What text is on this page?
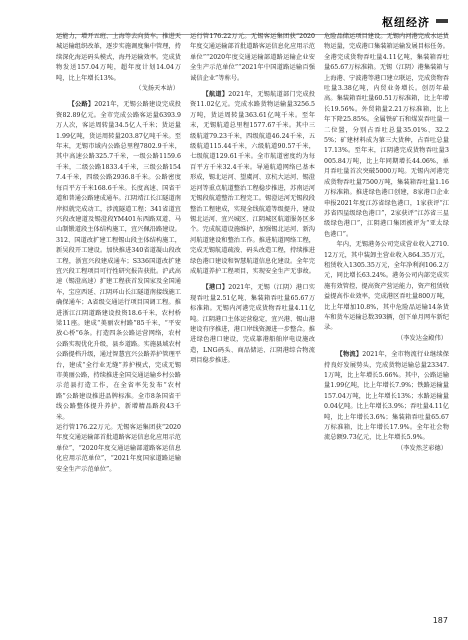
枢纽经济

运能力，增开五班、上海等去向货车。推进天城运输组织改革，逐步实施调度集中管理，持续深化海运码头模式，海丹运输效率。完成货物发送157.04万吨，超年度计划14.04万吨，比上年增长13%。

（戈扬天本站）

【公路】2021年，无锡公路建设完成投资82.89亿元。全市完成公路客运量6393.9万人次，客运周转量34.5亿人千米；货运量1.99亿吨，货运周转量203.87亿吨千米。至年末，无锡市域内公路总里程7802.9千米，其中高速公路325.7千米，一级公路1159.6千米，二级公路1833.4千米，三级公路1547.4千米，四级公路2936.8千米。公路密度每百平方千米168.6千米。长度高速、国省干道和普通公路建成通车。江阴靖江长江隧道南岸拟就完成动工，涉流隧道工程；341省道宜兴段改建道及锡澄段YM401东西路双道、马山制锻道段主体结构施工，宜兴佩沿路建设。312、国道改扩建工程锡山段主体结构施工，新吴段开工建设。加快推进340省道凝山段改工程，浙宜兴段建成通车；S336国道改扩建宜兴段工程项目可行性研究报告获批。沪武高速（锡澄高速）扩建工程获首发国家及全国通车，宝应西延、江阴环山长江隧道南接线施工确保通车；A省级交通运行项目国调工程。推进浙江江阴道路建设投资18.6千米，农村桥梁11座。建成“美丽农村路”85千米，“平安放心桥”6条。打造四条公路运营网络，农村公路实现优化升级，县乡道路。实施县域农村公路提档升级，通过智慧宜兴公路养护管理平台，建成“全行业无缝”养护模式，完成无锡市美丽公路，持续推进全国交通运输乡村公路示范县打造工作，在全省率先发布“农村路”公路建设推进品牌标准。全市8条国省干线公路整体提升养护，新增精品路段43千米。

运行管176.22万元。无锡客运集团获“2020年度交通运输部首批道路客运信息化应用示范单位”，“2020年度交通运输部道路客运信息化应用示范单位”，“2021年度国家道路运输安全生产示范单位”。

运行管176.22万元。无锡客运集团获“2020年度交通运输部首批道路客运信息化应用示范单位”“2020年度交通运输部道路运输企业安全生产示范单位”“2021年中国道路运输百强诚信企业”等称号。

【航道】2021年，无锡航道部门完成投资11.02亿元。完成水路货物运输量3256.5万吨，货运周转量363.61亿吨千米。至年末，无锡航道总里程1577.67千米。其中三级航道79.23千米，四级航道46.24千米，五级航道115.44千米，六级航道90.57千米，七级航道129.61千米。全市航道密度约为每百平方千米32.4千米。导通航道网络已基本形成，锡北运河、望虞河、京杭大运河、锡澄运河等重点航道整治工程稳步推进，苏南运河无锡段航道整治工程完工。锡澄运河无锡段段整治工程建成，实现全线航道等级提升，建设锡北运河、宜兴城区、江阴城区航道服务区多个。完成航道设施维护，加强锡北运河、新沟河航道建设和整治工作。推进航道网络工程，完成无锡航道疏浚、码头改造工程，持续推进绿色港口建设和智慧航道信息化建设。全年完成航道养护工程项目，实现安全生产无事故。

【港口】2021年，无锡（江阴）港口实现吞吐量2.51亿吨、集装箱吞吐量65.67万标准箱。无锡内河港完成货物吞吐量4.11亿吨。江阴港口主体运营稳定，宜兴港、锡山港建设有序推进，港口岸线资源进一步整合。推进绿色港口建设，完成靠港船舶岸电设施改造，LNG码头、商品储运、江阴港综合物流项目稳步推进。

危险品储运项目建设。无锡内河港完成水运货物运量，完成港口集装箱运输发展目标任务。全港完成货物吞吐量4.11亿吨，集装箱吞吐量65.67万标准箱。无锡（江阴）港集装箱与上海港、宁波港等港口建立联运，完成货物吞吐量3.38亿吨，内贸业务增长。创历年最高。集装箱吞吐量60.51万标准箱，比上年增长19.56%。外贸箱量2.21万标准箱，比上年下降25.85%。全属铁矿石和煤炭吞吐量一二位置，分别占吞吐总量35.01%、32.25%；矿建材料成为第三大货种，占吞吐总量17.13%。至年末，江阴港完成货物吞吐量3005.84万吨，比上年同期增长44.06%，单月吞吐量首次突破5000万吨。无锡内河港完成货物吞吐量7500万吨，集装箱吞吐量1.16万标准箱。推进绿色港口创建，8家港口企业申报2021年度江苏省绿色港口，1家获评“江苏省四星级绿色港口”，2家获评“江苏省三星级绿色港口”，江阴港口集团被评为“亚太绿色港口”。

年内，无锡港务公司完成营业收入2710.12万元，其中装卸主营业收入864.35万元，租赁收入1305.35万元，全年净利润106.2万元，同比增长63.24%。港务公司内部完成实施有效管控，提高资产营运能力，资产租赁收益提高作业效率，完成港区吞吐量800万吨，比上年增加10.8%，其中危险品运输14条货车和货车运输总数393辆，创下单月网车新纪录。

（李发达金殿伟）

【物流】2021年，全市物流行业继续保持良好发展势头，完成货物运输总量23347.1万吨，比上年增长5.66%。其中，公路运输量1.99亿吨，比上年增长7.9%；铁路运输量157.04万吨，比上年增长13%；水路运输量0.04亿吨。比上年增长3.9%；吞吐量4.11亿吨，比上年增长3.6%；集装箱吞吐量65.67万标准箱，比上年增长17.9%。全年社会物流总额9.73亿元，比上年增长5.9%。

（李发然芝彩德）

187
